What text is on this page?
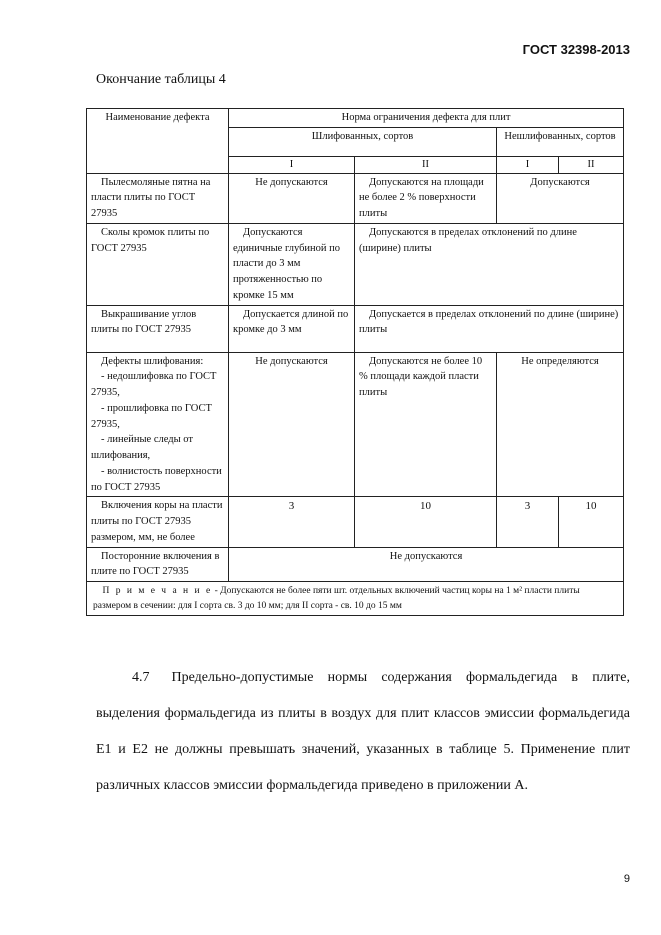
ГОСТ 32398-2013
Окончание таблицы 4
Наименование дефекта	Норма ограничения дефекта для плит			
	Шлифованных, сортов		Нешлифованных, сортов	
	I	II	I	II
Пылесмоляные пятна на пласти плиты по ГОСТ 27935	Не допускаются	Допускаются на площади не более 2 % поверхности плиты	Допускаются	
Сколы кромок плиты по ГОСТ 27935	Допускаются единичные глубиной по пласти до 3 мм протяженностью по кромке 15 мм	Допускаются в пределах отклонений по длине (ширине) плиты		
Выкрашивание углов плиты по ГОСТ 27935	Допускается длиной по кромке до 3 мм	Допускается в пределах отклонений по длине (ширине) плиты		

Дефекты шлифования:
- недошлифовка по ГОСТ 27935,
- прошлифовка по ГОСТ 27935,
- линейные следы от шлифования,
- волнистость поверхности по ГОСТ 27935	Не допускаются	Допускаются не более 10 % площади каждой пласти плиты	Не определяются	
Включения коры на пласти плиты по ГОСТ 27935 размером, мм, не более	3	10	3	10
Посторонние включения в плите по ГОСТ 27935	Не допускаются			
П р и м е ч а н и е - Допускаются не более пяти шт. отдельных включений частиц коры на 1 м² пласти плиты размером в сечении: для I сорта св. 3 до 10 мм; для II сорта - св. 10 до 15 мм				

4.7 Предельно-допустимые нормы содержания формальдегида в плите, выделения формальдегида из плиты в воздух для плит классов эмиссии формальдегида Е1 и Е2 не должны превышать значений, указанных в таблице 5. Применение плит различных классов эмиссии формальдегида приведено в приложении А.

9
